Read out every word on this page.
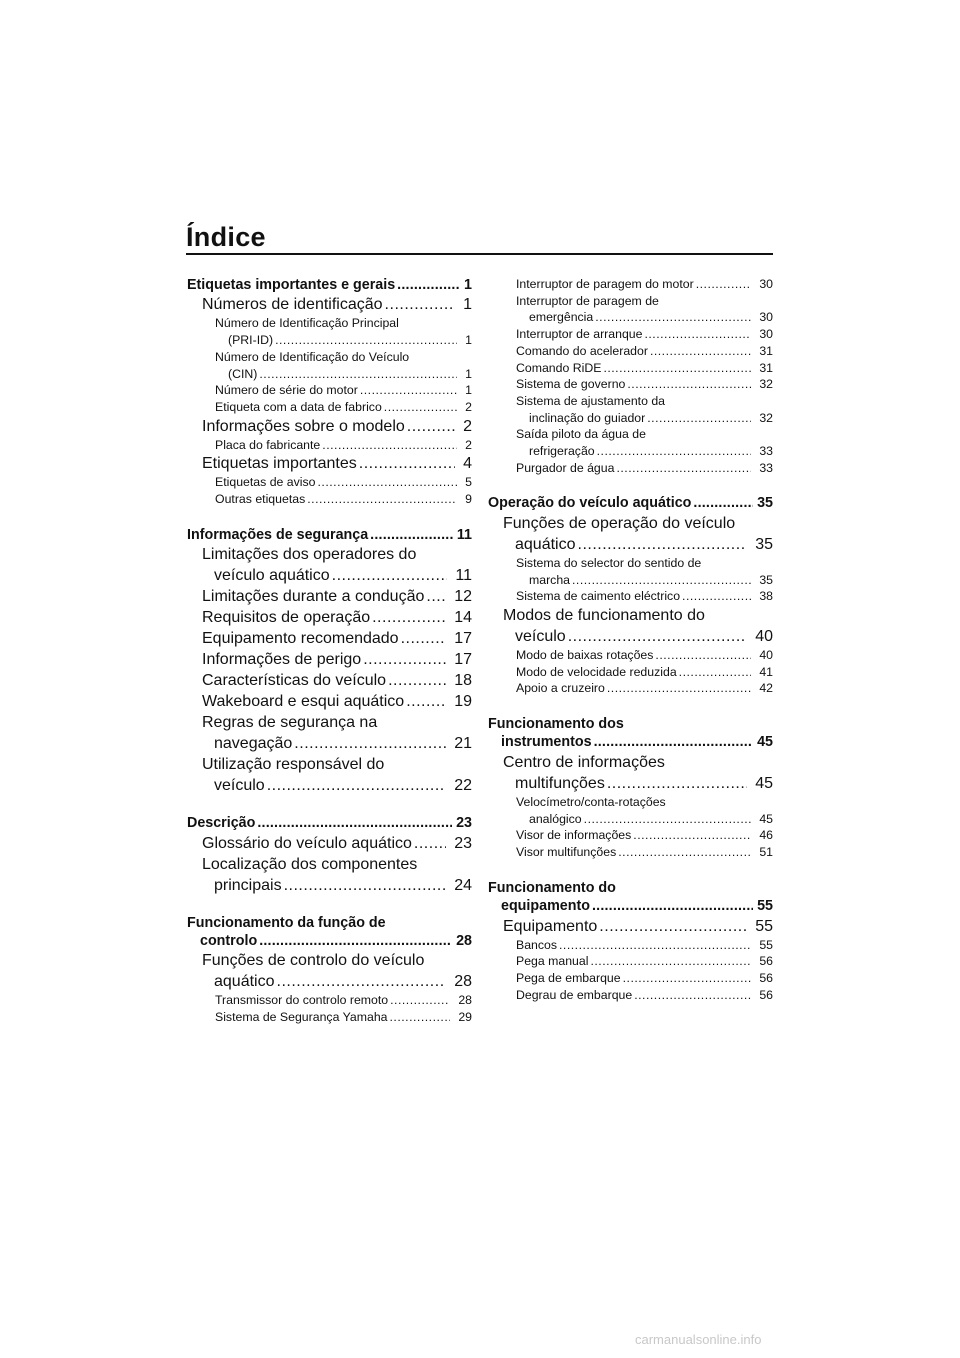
Índice
Etiquetas importantes e gerais .....	1
Números de identificação .....	1
Número de Identificação Principal
(PRI-ID) .....	1
Número de Identificação do Veículo
(CIN) .....	1
Número de série do motor .....	1
Etiqueta com a data de fabrico .....	2
Informações sobre o modelo .....	2
Placa do fabricante .....	2
Etiquetas importantes .....	4
Etiquetas de aviso .....	5
Outras etiquetas .....	9
Informações de segurança .....	11
Limitações dos operadores do
veículo aquático .....	11
Limitações durante a condução .....	12
Requisitos de operação .....	14
Equipamento recomendado .....	17
Informações de perigo .....	17
Características do veículo .....	18
Wakeboard e esqui aquático .....	19
Regras de segurança na
navegação .....	21
Utilização responsável do
veículo .....	22
Descrição .....	23
Glossário do veículo aquático .....	23
Localização dos componentes
principais .....	24
Funcionamento da função de
controlo .....	28
Funções de controlo do veículo
aquático .....	28
Transmissor do controlo remoto .....	28
Sistema de Segurança Yamaha .....	29
Interruptor de paragem do motor .....	30
Interruptor de paragem de
emergência .....	30
Interruptor de arranque .....	30
Comando do acelerador .....	31
Comando RiDE .....	31
Sistema de governo .....	32
Sistema de ajustamento da
inclinação do guiador .....	32
Saída piloto da água de
refrigeração .....	33
Purgador de água .....	33
Operação do veículo aquático .....	35
Funções de operação do veículo
aquático .....	35
Sistema do selector do sentido de
marcha .....	35
Sistema de caimento eléctrico .....	38
Modos de funcionamento do
veículo .....	40
Modo de baixas rotações .....	40
Modo de velocidade reduzida .....	41
Apoio a cruzeiro .....	42
Funcionamento dos
instrumentos .....	45
Centro de informações
multifunções .....	45
Velocímetro/conta-rotações
analógico .....	45
Visor de informações .....	46
Visor multifunções .....	51
Funcionamento do
equipamento .....	55
Equipamento .....	55
Bancos .....	55
Pega manual .....	56
Pega de embarque .....	56
Degrau de embarque .....	56
carmanualsonline.info
